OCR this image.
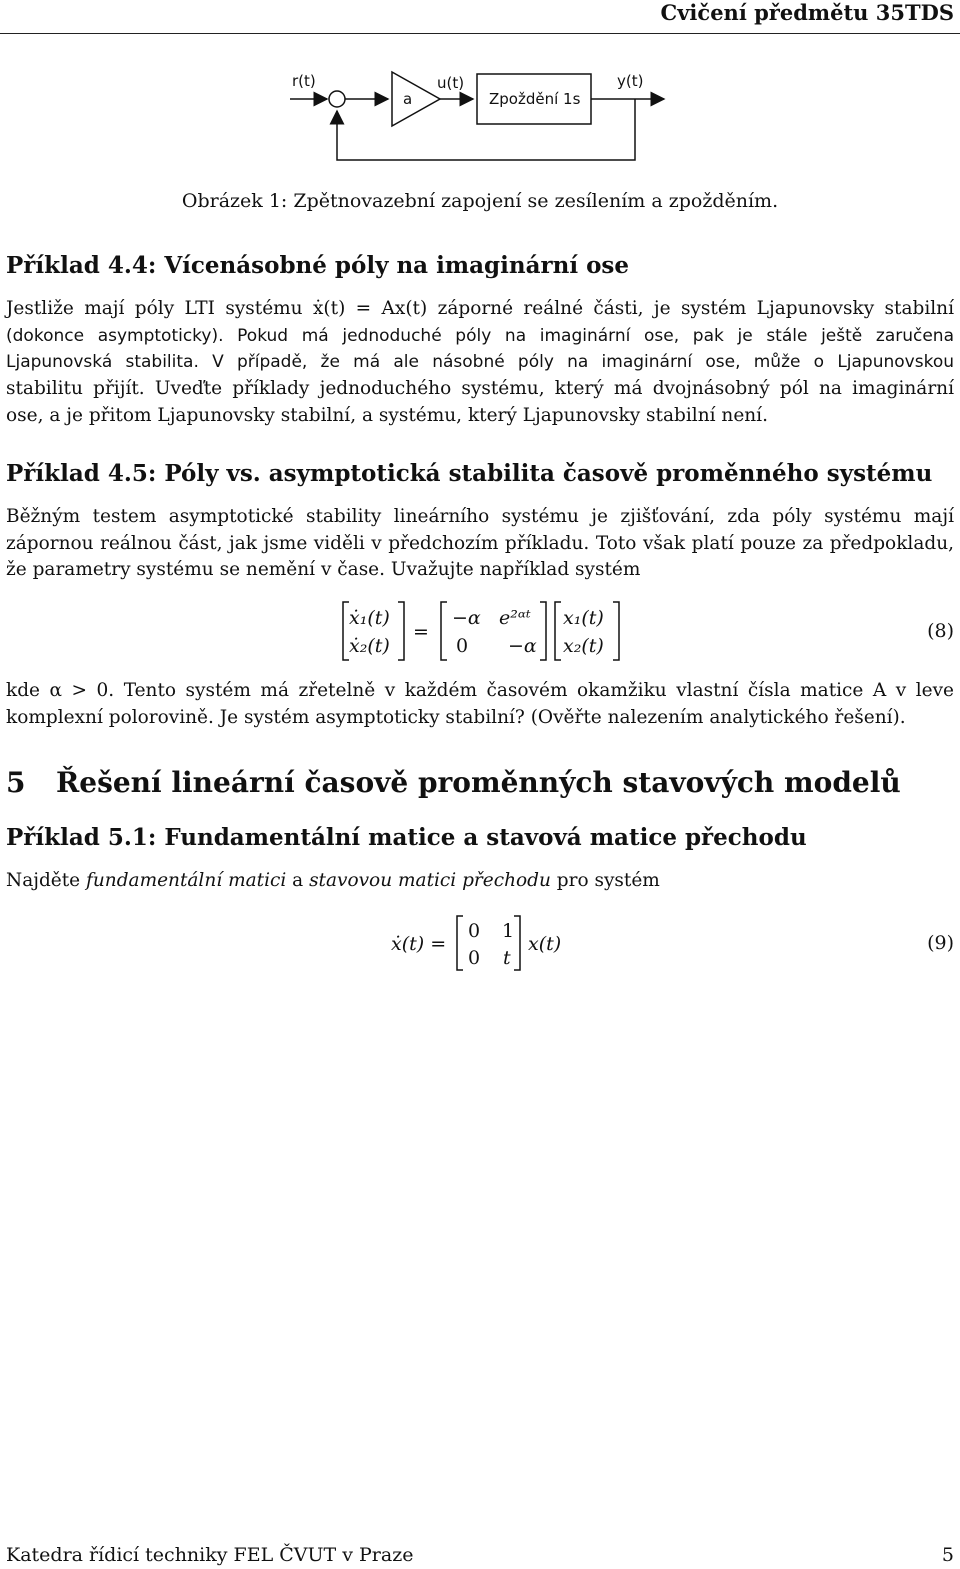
Cvičení předmětu 35TDS
r(t)
a
u(t)
Zpoždění 1s
y(t)
Obrázek 1: Zpětnovazební zapojení se zesílením a zpožděním.
Příklad 4.4: Vícenásobné póly na imaginární ose
Jestliže mají póly LTI systému ẋ(t) = Ax(t) záporné reálné části, je systém Ljapunovsky stabilní
(dokonce asymptoticky). Pokud má jednoduché póly na imaginární ose, pak je stále ještě zaručena
Ljapunovská stabilita. V případě, že má ale násobné póly na imaginární ose, může o Ljapunovskou
stabilitu přijít. Uveďte příklady jednoduchého systému, který má dvojnásobný pól na imaginární
ose, a je přitom Ljapunovsky stabilní, a systému, který Ljapunovsky stabilní není.
Příklad 4.5: Póly vs. asymptotická stabilita časově proměnného systému
Běžným testem asymptotické stability lineárního systému je zjišťování, zda póly systému mají
zápornou reálnou část, jak jsme viděli v předchozím příkladu. Toto však platí pouze za předpokladu,
že parametry systému se nemění v čase. Uvažujte například systém
ẋ₁(t)
ẋ₂(t)
=
−α e²ᵅᵗ
0 −α
x₁(t)
x₂(t)
(8)
kde α > 0. Tento systém má zřetelně v každém časovém okamžiku vlastní čísla matice A v leve
komplexní polorovině. Je systém asymptoticky stabilní? (Ověřte nalezením analytického řešení).
5 Řešení lineární časově proměnných stavových modelů
Příklad 5.1: Fundamentální matice a stavová matice přechodu
Najděte fundamentální matici a stavovou matici přechodu pro systém
ẋ(t) =
0 1
0 t
x(t)	(9)
Katedra řídicí techniky FEL ČVUT v Praze	5
